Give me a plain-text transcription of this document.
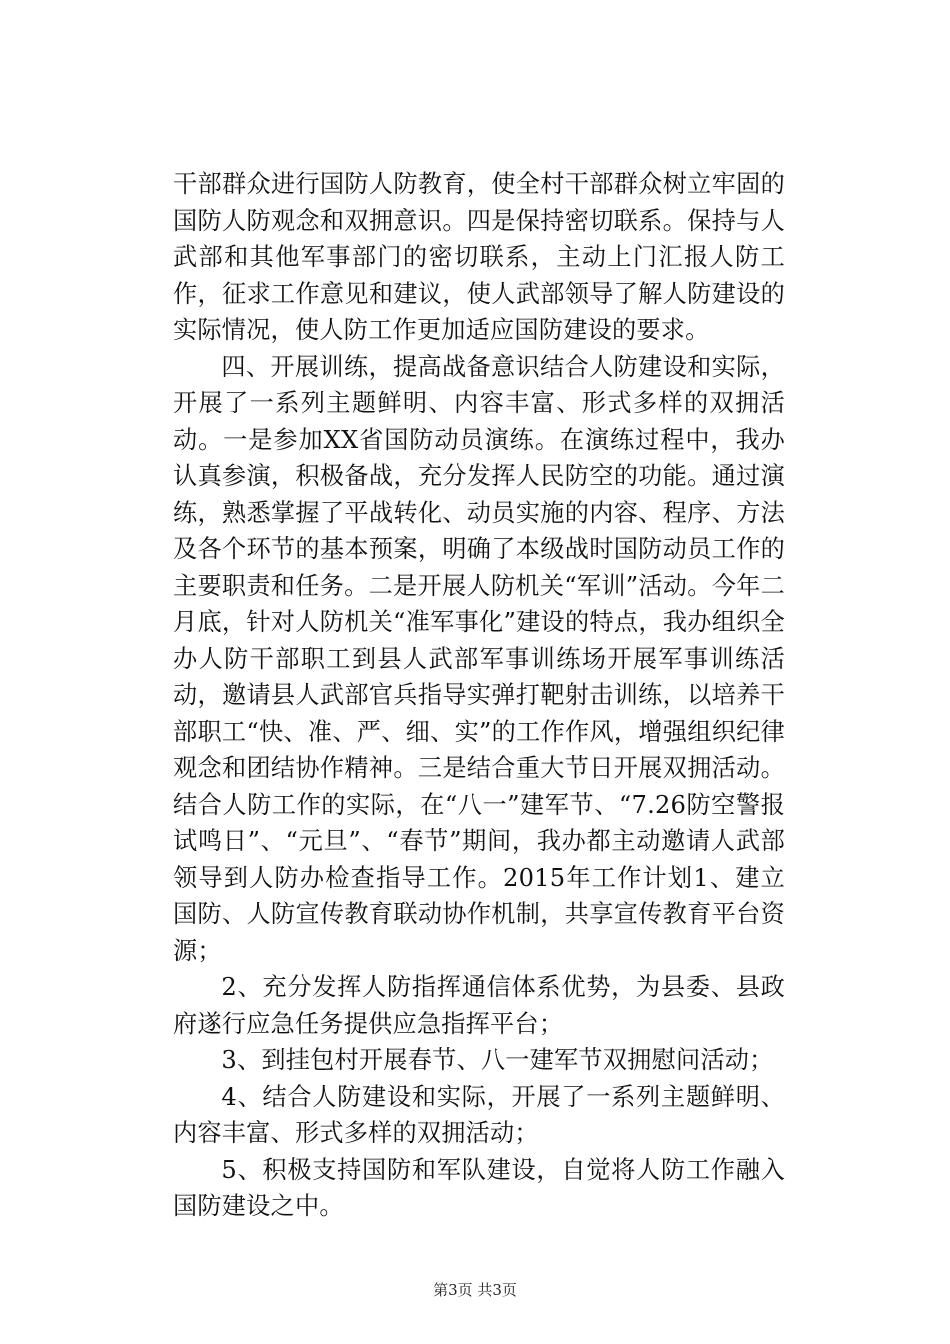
干部群众进行国防人防教育，使全村干部群众树立牢固的国防人防观念和双拥意识。四是保持密切联系。保持与人武部和其他军事部门的密切联系，主动上门汇报人防工作，征求工作意见和建议，使人武部领导了解人防建设的实际情况，使人防工作更加适应国防建设的要求。

四、开展训练，提高战备意识结合人防建设和实际，开展了一系列主题鲜明、内容丰富、形式多样的双拥活动。一是参加XX省国防动员演练。在演练过程中，我办认真参演，积极备战，充分发挥人民防空的功能。通过演练，熟悉掌握了平战转化、动员实施的内容、程序、方法及各个环节的基本预案，明确了本级战时国防动员工作的主要职责和任务。二是开展人防机关“军训”活动。今年二月底，针对人防机关“准军事化”建设的特点，我办组织全办人防干部职工到县人武部军事训练场开展军事训练活动，邀请县人武部官兵指导实弹打靶射击训练，以培养干部职工“快、准、严、细、实”的工作作风，增强组织纪律观念和团结协作精神。三是结合重大节日开展双拥活动。结合人防工作的实际，在“八一”建军节、“7.26防空警报试鸣日”、“元旦”、“春节”期间，我办都主动邀请人武部领导到人防办检查指导工作。2015年工作计划1、建立国防、人防宣传教育联动协作机制，共享宣传教育平台资源；

2、充分发挥人防指挥通信体系优势，为县委、县政府遂行应急任务提供应急指挥平台；

3、到挂包村开展春节、八一建军节双拥慰问活动；

4、结合人防建设和实际，开展了一系列主题鲜明、内容丰富、形式多样的双拥活动；

5、积极支持国防和军队建设，自觉将人防工作融入国防建设之中。

第3页 共3页
